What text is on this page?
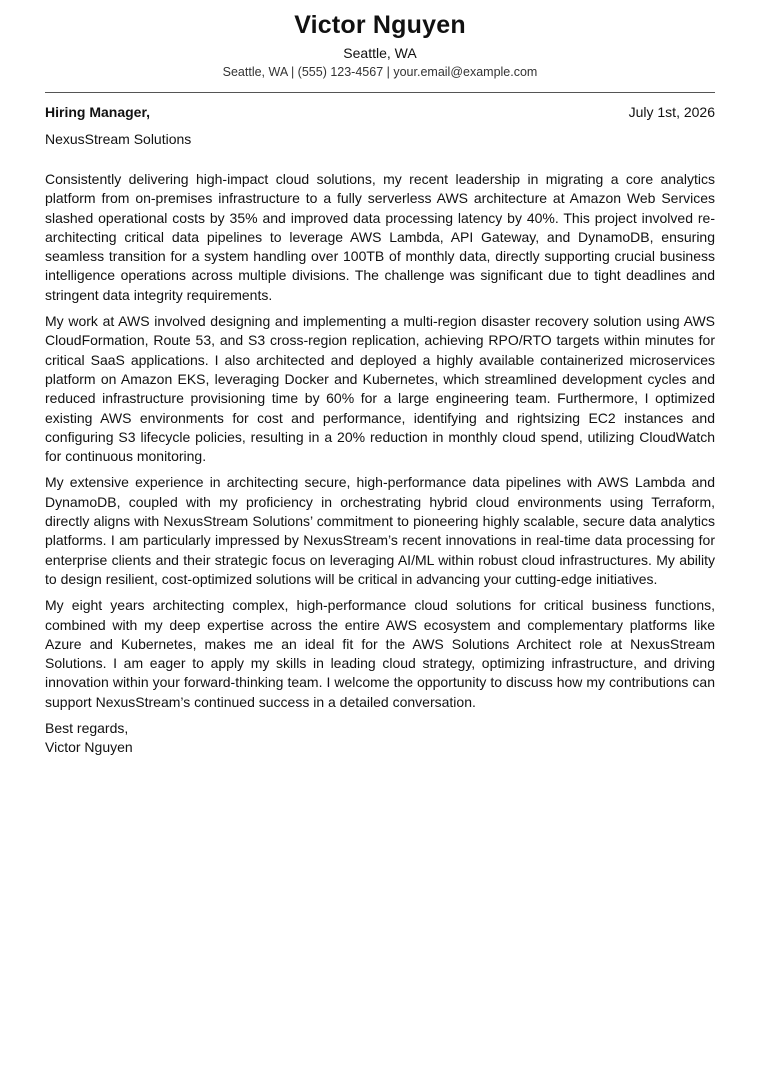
Victor Nguyen
Seattle, WA
Seattle, WA | (555) 123-4567 | your.email@example.com
Hiring Manager,	July 1st, 2026
NexusStream Solutions

Consistently delivering high-impact cloud solutions, my recent leadership in migrating a core analytics platform from on-premises infrastructure to a fully serverless AWS architecture at Amazon Web Services slashed operational costs by 35% and improved data processing latency by 40%. This project involved re-architecting critical data pipelines to leverage AWS Lambda, API Gateway, and DynamoDB, ensuring seamless transition for a system handling over 100TB of monthly data, directly supporting crucial business intelligence operations across multiple divisions. The challenge was significant due to tight deadlines and stringent data integrity requirements.

My work at AWS involved designing and implementing a multi-region disaster recovery solution using AWS CloudFormation, Route 53, and S3 cross-region replication, achieving RPO/RTO targets within minutes for critical SaaS applications. I also architected and deployed a highly available containerized microservices platform on Amazon EKS, leveraging Docker and Kubernetes, which streamlined development cycles and reduced infrastructure provisioning time by 60% for a large engineering team. Furthermore, I optimized existing AWS environments for cost and performance, identifying and rightsizing EC2 instances and configuring S3 lifecycle policies, resulting in a 20% reduction in monthly cloud spend, utilizing CloudWatch for continuous monitoring.

My extensive experience in architecting secure, high-performance data pipelines with AWS Lambda and DynamoDB, coupled with my proficiency in orchestrating hybrid cloud environments using Terraform, directly aligns with NexusStream Solutions’ commitment to pioneering highly scalable, secure data analytics platforms. I am particularly impressed by NexusStream’s recent innovations in real-time data processing for enterprise clients and their strategic focus on leveraging AI/ML within robust cloud infrastructures. My ability to design resilient, cost-optimized solutions will be critical in advancing your cutting-edge initiatives.

My eight years architecting complex, high-performance cloud solutions for critical business functions, combined with my deep expertise across the entire AWS ecosystem and complementary platforms like Azure and Kubernetes, makes me an ideal fit for the AWS Solutions Architect role at NexusStream Solutions. I am eager to apply my skills in leading cloud strategy, optimizing infrastructure, and driving innovation within your forward-thinking team. I welcome the opportunity to discuss how my contributions can support NexusStream’s continued success in a detailed conversation.

Best regards,
Victor Nguyen
